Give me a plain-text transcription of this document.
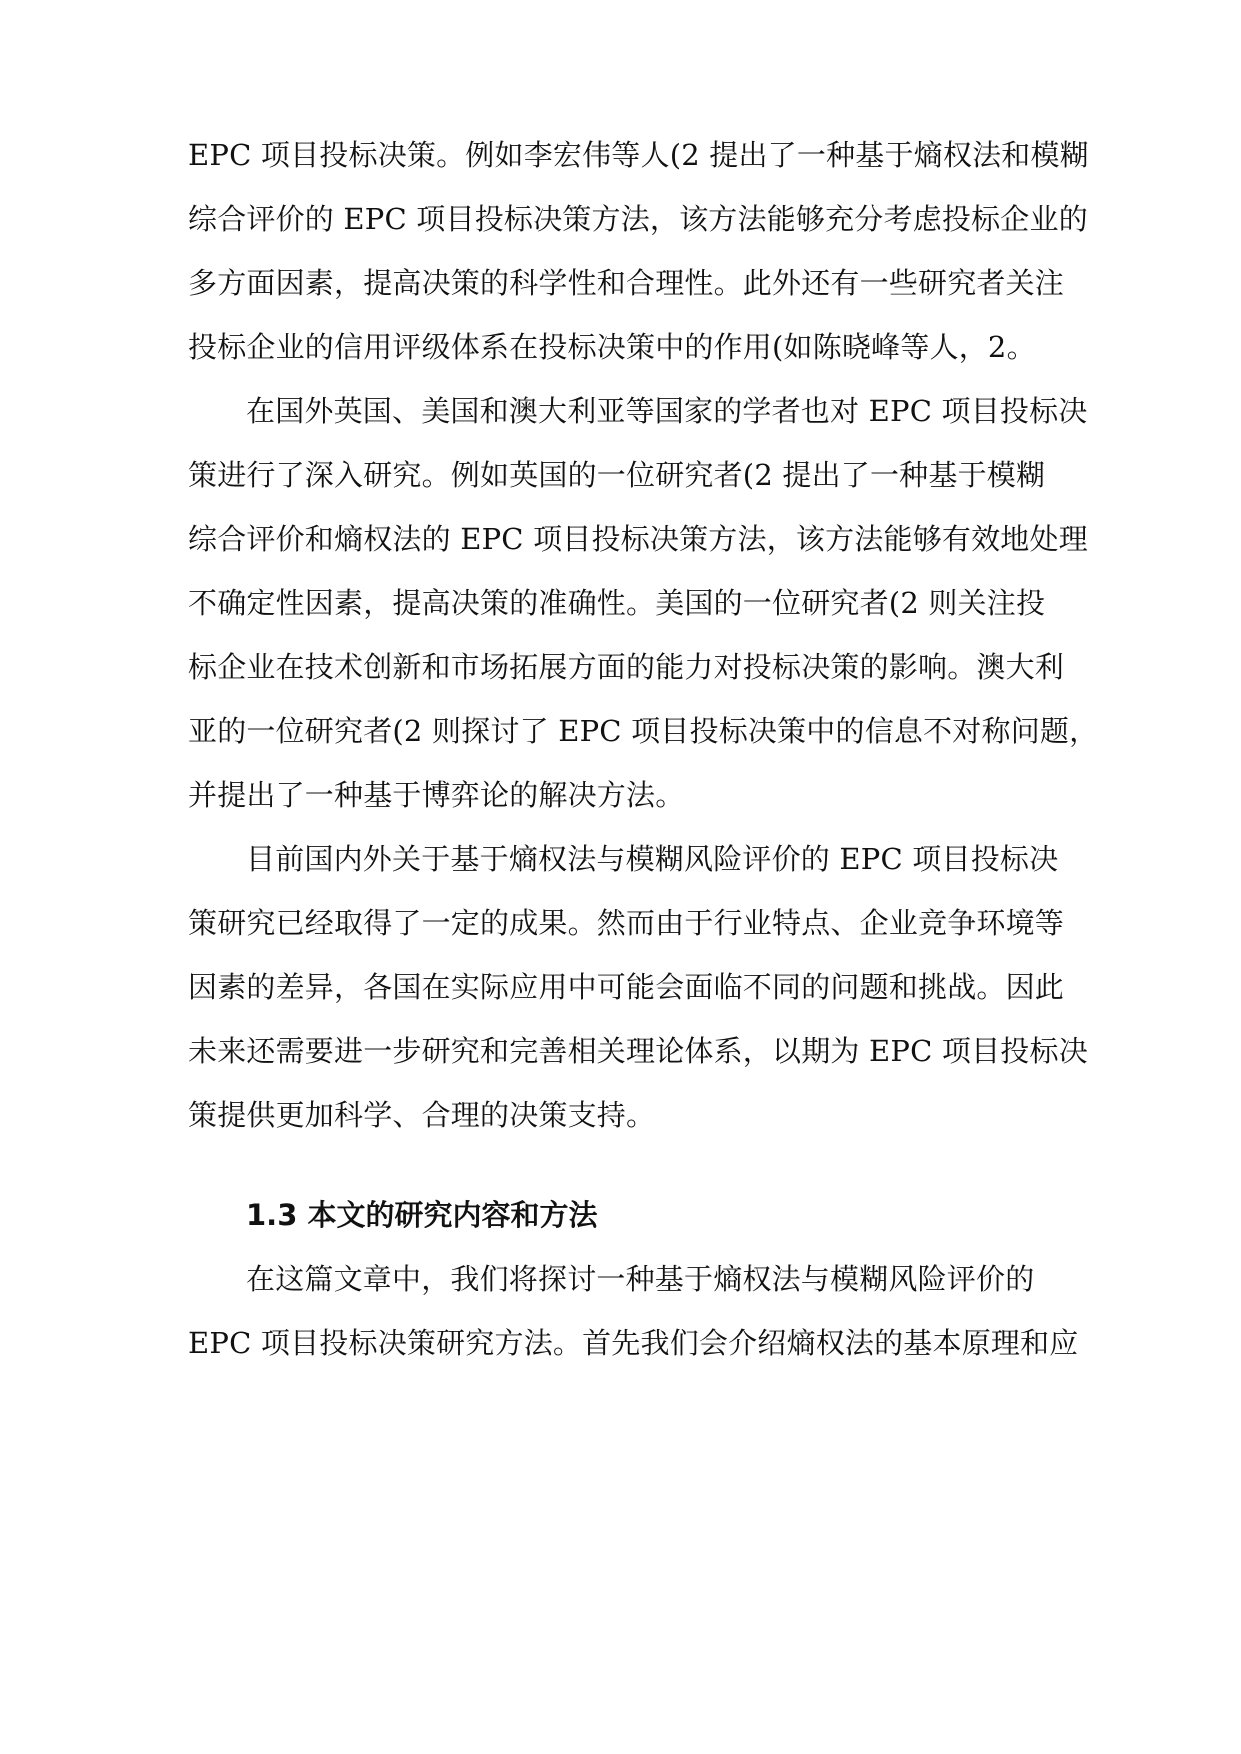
EPC 项目投标决策。例如李宏伟等人(2 提出了一种基于熵权法和模糊
综合评价的 EPC 项目投标决策方法，该方法能够充分考虑投标企业的
多方面因素，提高决策的科学性和合理性。此外还有一些研究者关注
投标企业的信用评级体系在投标决策中的作用(如陈晓峰等人，2。
在国外英国、美国和澳大利亚等国家的学者也对 EPC 项目投标决
策进行了深入研究。例如英国的一位研究者(2 提出了一种基于模糊
综合评价和熵权法的 EPC 项目投标决策方法，该方法能够有效地处理
不确定性因素，提高决策的准确性。美国的一位研究者(2 则关注投
标企业在技术创新和市场拓展方面的能力对投标决策的影响。澳大利
亚的一位研究者(2 则探讨了 EPC 项目投标决策中的信息不对称问题，
并提出了一种基于博弈论的解决方法。
目前国内外关于基于熵权法与模糊风险评价的 EPC 项目投标决
策研究已经取得了一定的成果。然而由于行业特点、企业竞争环境等
因素的差异，各国在实际应用中可能会面临不同的问题和挑战。因此
未来还需要进一步研究和完善相关理论体系，以期为 EPC 项目投标决
策提供更加科学、合理的决策支持。
1.3 本文的研究内容和方法
在这篇文章中，我们将探讨一种基于熵权法与模糊风险评价的
EPC 项目投标决策研究方法。首先我们会介绍熵权法的基本原理和应
